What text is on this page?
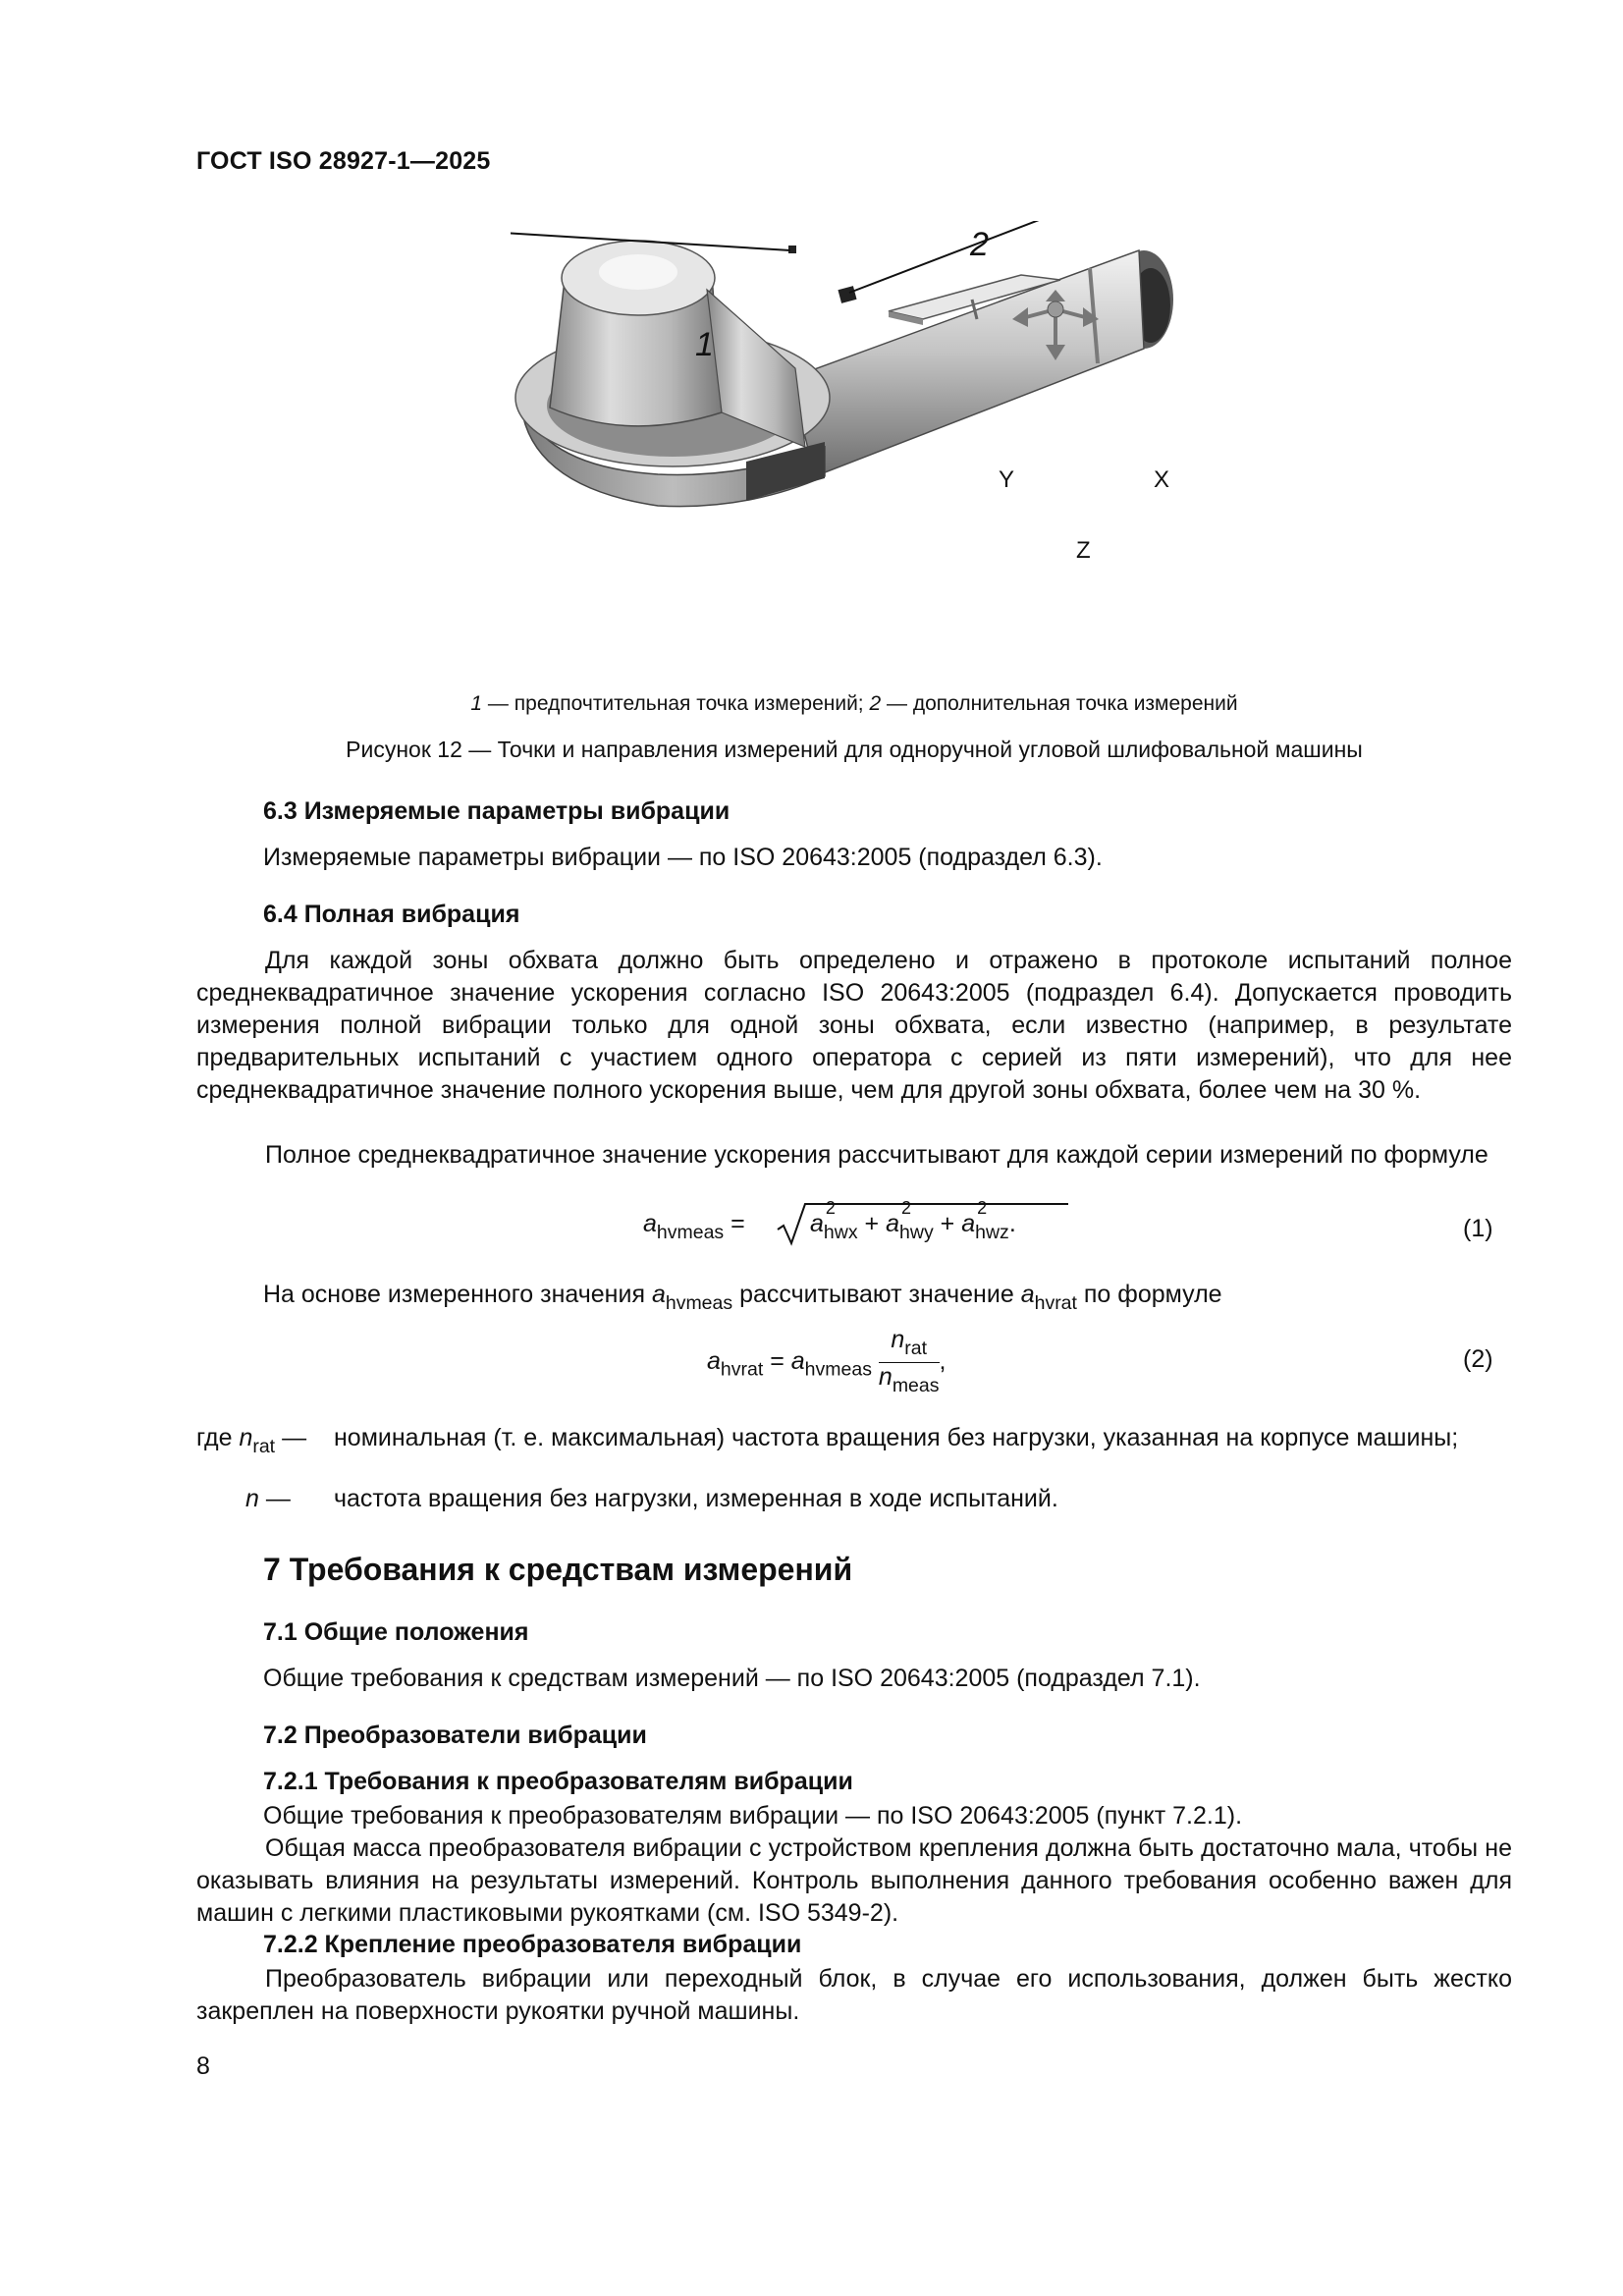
ГОСТ ISO 28927-1—2025
1
2
Y	X
Z
1 — предпочтительная точка измерений; 2 — дополнительная точка измерений
Рисунок 12 — Точки и направления измерений для одноручной угловой шлифовальной машины
6.3 Измеряемые параметры вибрации
Измеряемые параметры вибрации — по ISO 20643:2005 (подраздел 6.3).
6.4 Полная вибрация
Для каждой зоны обхвата должно быть определено и отражено в протоколе испытаний полное среднеквадратичное значение ускорения согласно ISO 20643:2005 (подраздел 6.4). Допускается проводить измерения полной вибрации только для одной зоны обхвата, если известно (например, в результате предварительных испытаний с участием одного оператора с серией из пяти измерений), что для нее среднеквадратичное значение полного ускорения выше, чем для другой зоны обхвата, более чем на 30 %.
Полное среднеквадратичное значение ускорения рассчитывают для каждой серии измерений по формуле
$a_{hvmeas}$ =	a
2
$_{hwx}$ + a
2
$_{hwy}$ + a
2
$_{hwz}$.	(1)
На основе измеренного значения $a_{hvmeas}$ рассчитывают значение $a_{hvrat}$ по формуле
$a_{hvrat} = a_{hvmeas} \frac{n_{rat}}{n_{meas}}$ ,	(2)
где $n_{rat}$ — номинальная (т. е. максимальная) частота вращения без нагрузки, указанная на корпусе машины;
n — частота вращения без нагрузки, измеренная в ходе испытаний.
7 Требования к средствам измерений
7.1 Общие положения
Общие требования к средствам измерений — по ISO 20643:2005 (подраздел 7.1).
7.2 Преобразователи вибрации
7.2.1 Требования к преобразователям вибрации
Общие требования к преобразователям вибрации — по ISO 20643:2005 (пункт 7.2.1).
Общая масса преобразователя вибрации с устройством крепления должна быть достаточно мала, чтобы не оказывать влияния на результаты измерений. Контроль выполнения данного требования особенно важен для машин с легкими пластиковыми рукоятками (см. ISO 5349-2).
7.2.2 Крепление преобразователя вибрации
Преобразователь вибрации или переходный блок, в случае его использования, должен быть жестко закреплен на поверхности рукоятки ручной машины.
8
